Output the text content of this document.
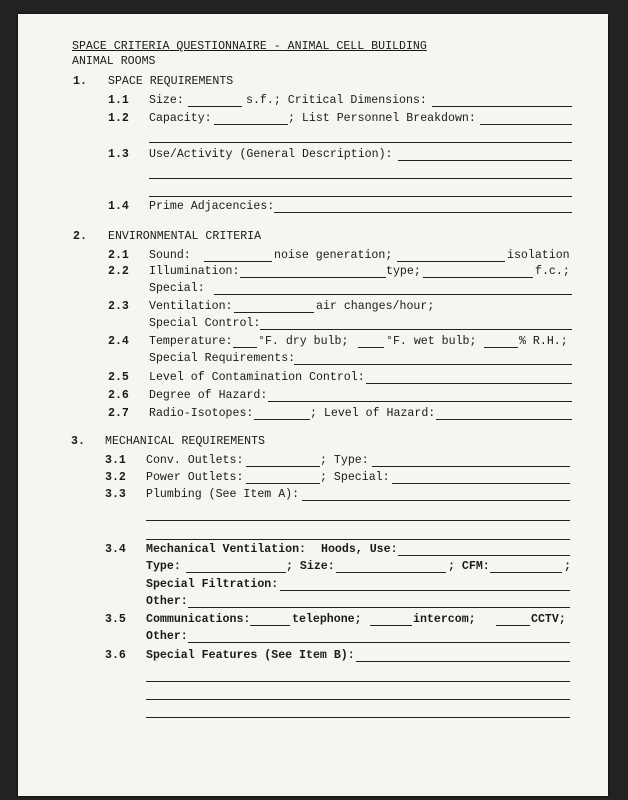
SPACE CRITERIA QUESTIONNAIRE - ANIMAL CELL BUILDING
ANIMAL ROOMS
1. SPACE REQUIREMENTS
1.1 Size:	s.f.; Critical Dimensions:
1.2 Capacity:	; List Personnel Breakdown:
1.3 Use/Activity (General Description):
1.4 Prime Adjacencies:
2. ENVIRONMENTAL CRITERIA
2.1 Sound:	noise generation;	isolation
2.2 Illumination:	type;	f.c.;
Special:
2.3 Ventilation:	air changes/hour;
Special Control:
2.4 Temperature: °F. dry bulb;	°F. wet bulb;	% R.H.;
Special Requirements:
2.5 Level of Contamination Control:
2.6 Degree of Hazard:
2.7 Radio-Isotopes:	; Level of Hazard:
3. MECHANICAL REQUIREMENTS
3.1 Conv. Outlets:	; Type:
3.2 Power Outlets:	; Special:
3.3 Plumbing (See Item A):
3.4 Mechanical Ventilation: Hoods, Use:
Type:	; Size:	; CFM:	;
Special Filtration:
Other:
3.5 Communications:	telephone;	intercom;	CCTV;
Other:
3.6 Special Features (See Item B):
